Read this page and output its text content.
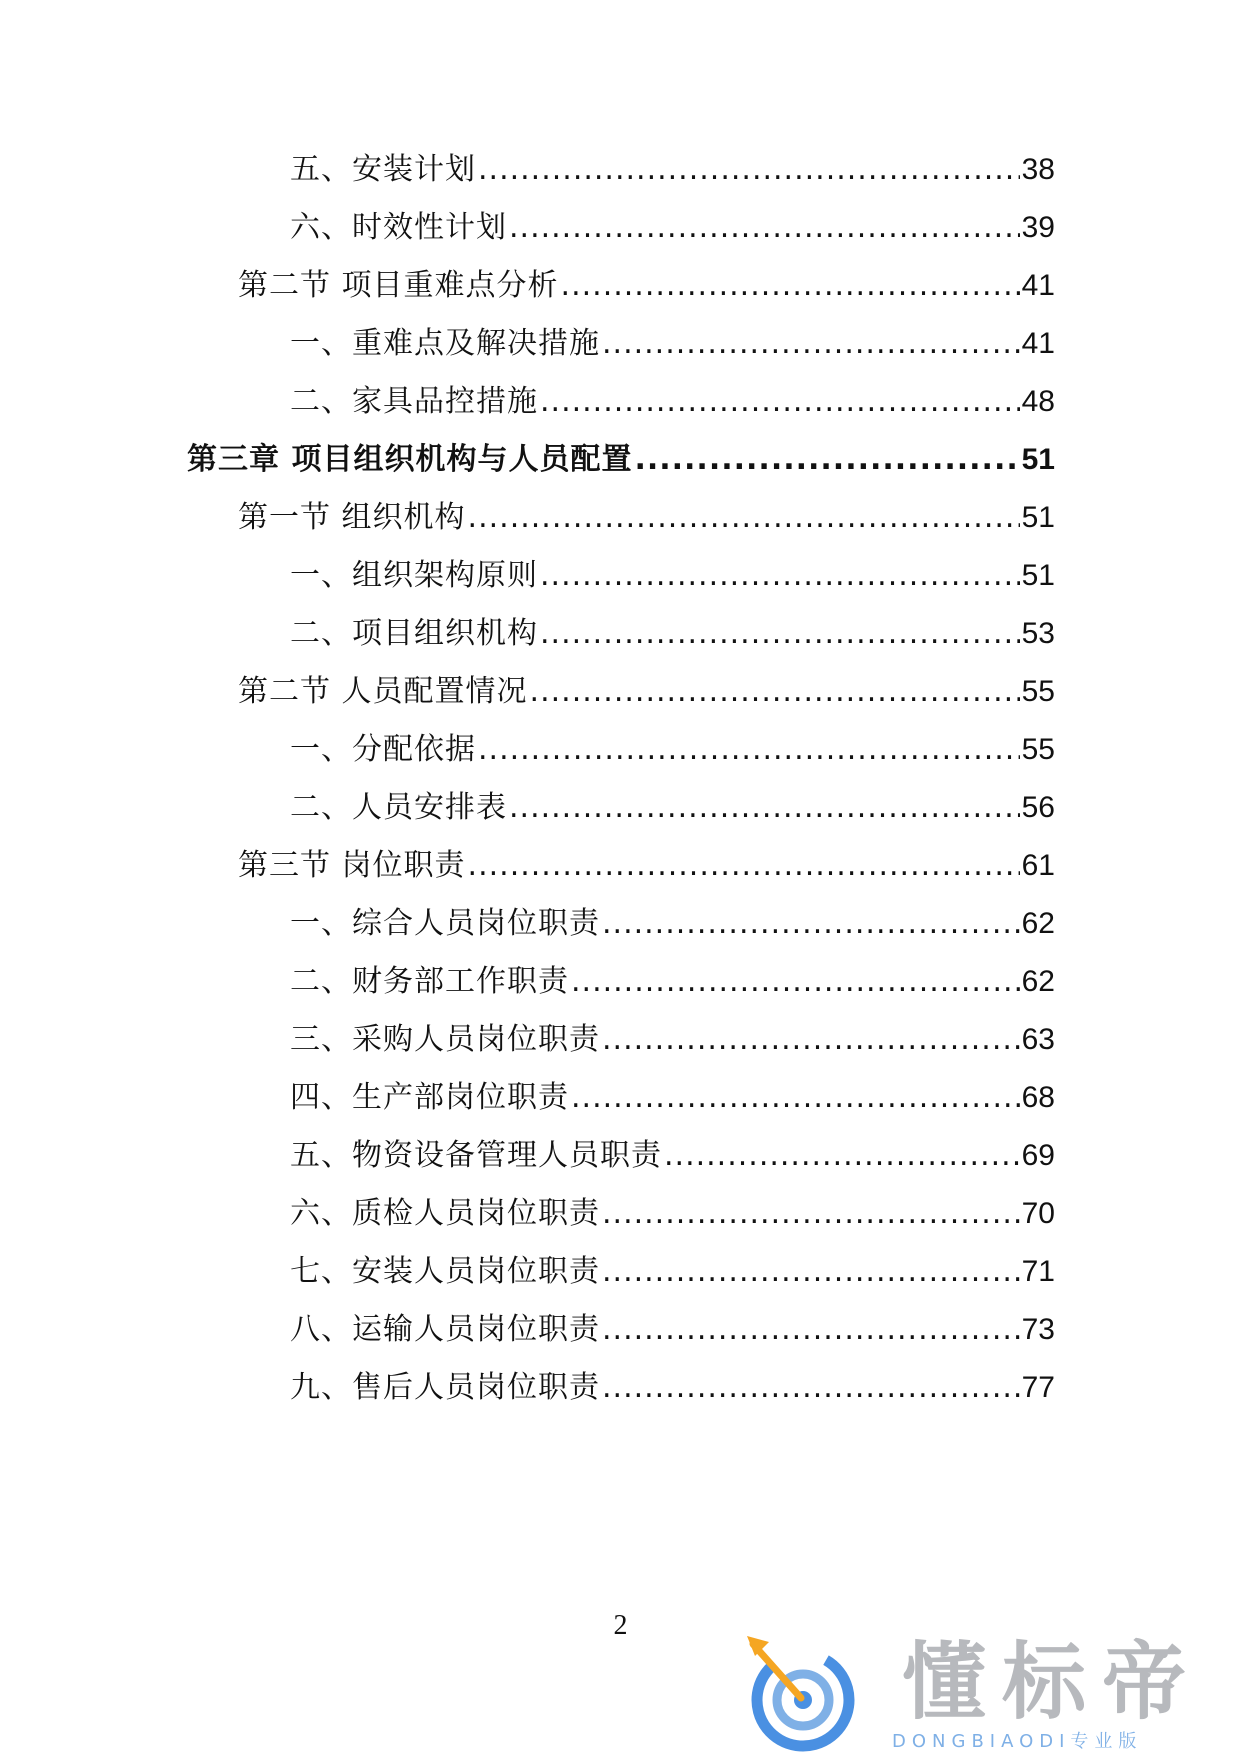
五、安装计划 .....	38
六、时效性计划 .....	39
第二节 项目重难点分析 .....	41
一、重难点及解决措施 .....	41
二、家具品控措施 .....	48
第三章 项目组织机构与人员配置 .....	51
第一节 组织机构 .....	51
一、组织架构原则 .....	51
二、项目组织机构 .....	53
第二节 人员配置情况 .....	55
一、分配依据 .....	55
二、人员安排表 .....	56
第三节 岗位职责 .....	61
一、综合人员岗位职责 .....	62
二、财务部工作职责 .....	62
三、采购人员岗位职责 .....	63
四、生产部岗位职责 .....	68
五、物资设备管理人员职责 .....	69
六、质检人员岗位职责 .....	70
七、安装人员岗位职责 .....	71
八、运输人员岗位职责 .....	73
九、售后人员岗位职责 .....	77
2
懂标帝
DONGBIAODI专业版
